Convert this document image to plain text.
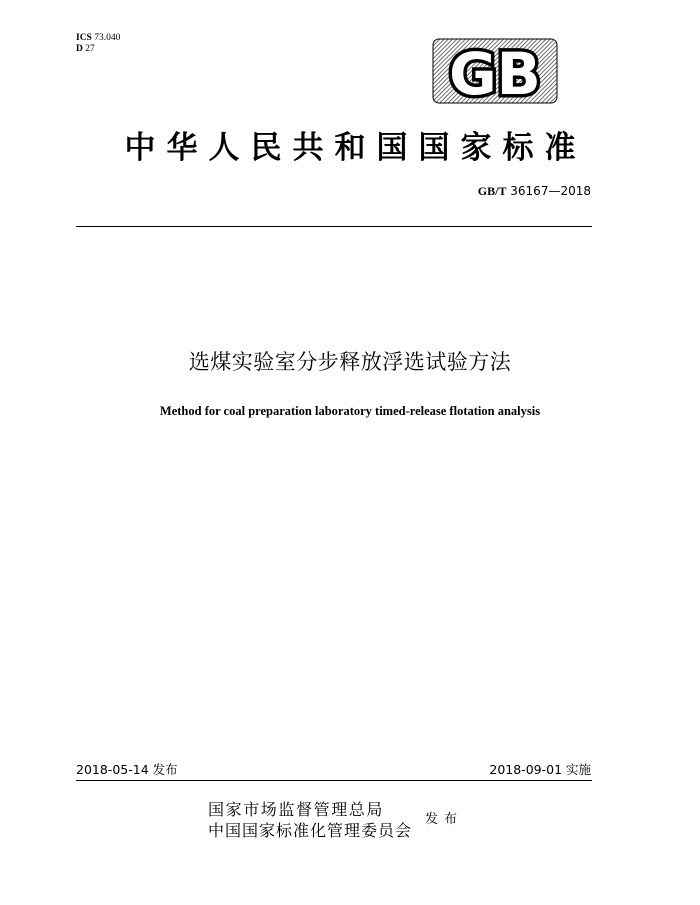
ICS 73.040
D 27	GB
中华人民共和国国家标准
GB/T 36167—2018
选煤实验室分步释放浮选试验方法
Method for coal preparation laboratory timed-release flotation analysis
2018-05-14 发布	2018-09-01 实施
国家市场监督管理总局
中国国家标准化管理委员会
发布
